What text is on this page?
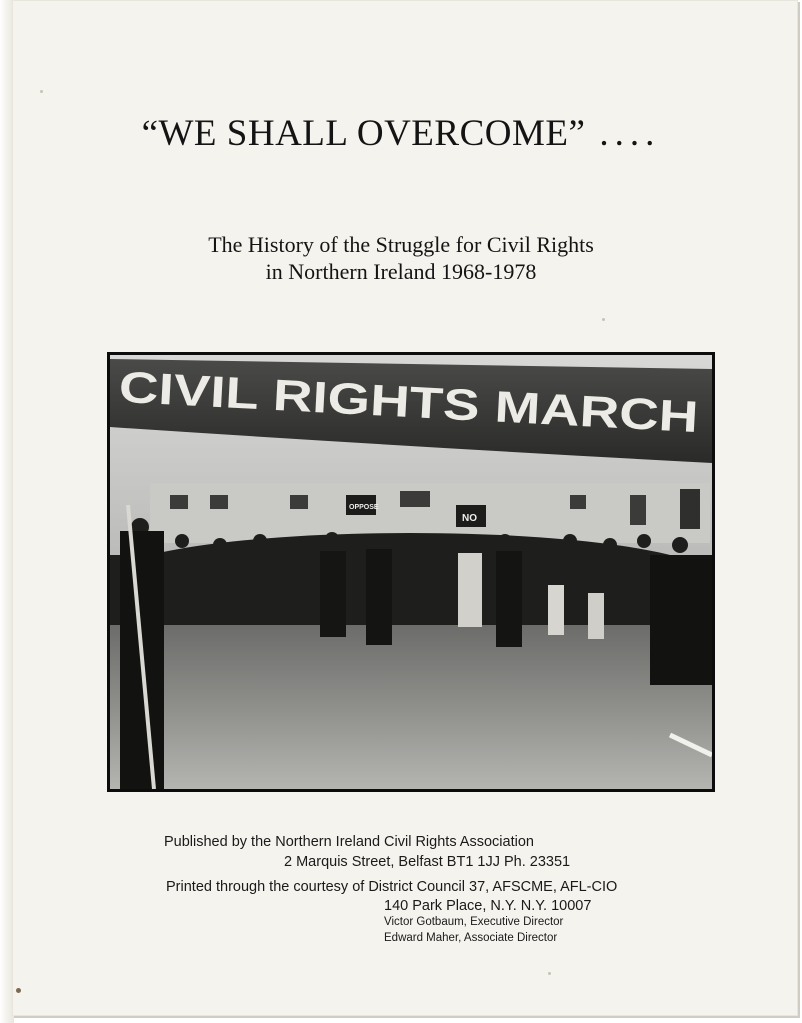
“WE SHALL OVERCOME” ....
The History of the Struggle for Civil Rights
in Northern Ireland 1968-1978
CIVIL RIGHTS MARCH
OPPOSE
NO
Published by the Northern Ireland Civil Rights Association
2 Marquis Street, Belfast BT1 1JJ Ph. 23351
Printed through the courtesy of District Council 37, AFSCME, AFL-CIO
140 Park Place, N.Y. N.Y. 10007
Victor Gotbaum, Executive Director
Edward Maher, Associate Director
